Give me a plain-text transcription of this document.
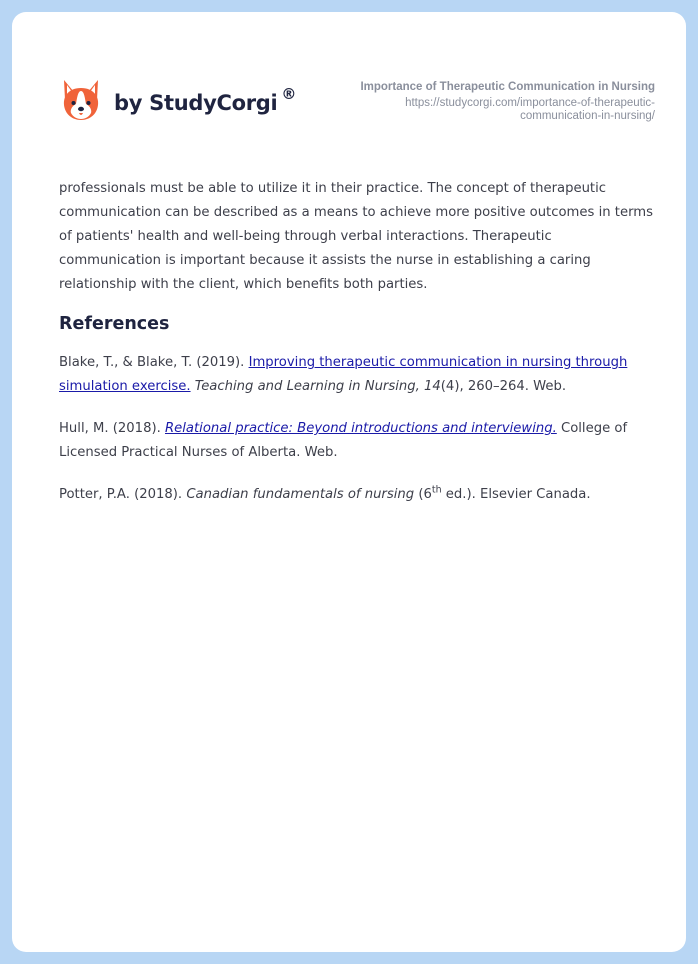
by StudyCorgi ®	Importance of Therapeutic Communication in Nursing
https://studycorgi.com/importance-of-therapeutic-
communication-in-nursing/

professionals must be able to utilize it in their practice. The concept of therapeutic communication can be described as a means to achieve more positive outcomes in terms of patients' health and well-being through verbal interactions. Therapeutic communication is important because it assists the nurse in establishing a caring relationship with the client, which benefits both parties.

References

Blake, T., & Blake, T. (2019). Improving therapeutic communication in nursing through simulation exercise. Teaching and Learning in Nursing, 14(4), 260–264. Web.

Hull, M. (2018). Relational practice: Beyond introductions and interviewing. College of Licensed Practical Nurses of Alberta. Web.

Potter, P.A. (2018). Canadian fundamentals of nursing (6th ed.). Elsevier Canada.
